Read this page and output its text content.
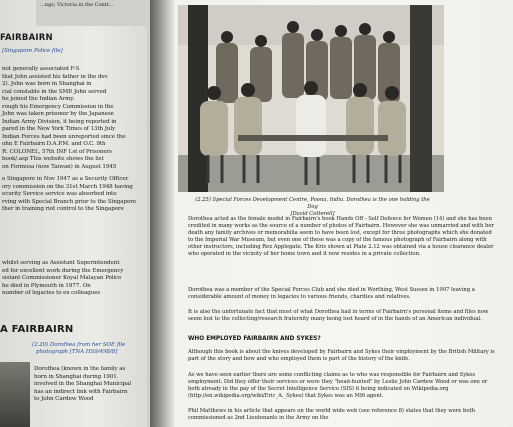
...ngs; Victoria in the Contr...
FAIRBAIRN
[Singapore Police file]
not generally associated F-S
that John assisted his father in the dev
2). John was born in Shanghai in
cial constable in the SMP. John served
he joined the Indian Army.
rough his Emergency Commission in the
John was taken prisoner by the Japanese
Indian Army Division, it being reported in
pared in the New York Times of 13th July
Indian Forces had been unreported since the
ohn E Fairbairn D.A.P.M. and O.C. 9th
R. COLONEL, 57th INF I.st of Prisoners
book/.asp This website shows the list
on Formosa (now Taiwan) in August 1945
o Singapore in Nov 1947 as a Security Officer
ory commission on the 31st March 1948 having
ecurity Service service was absorbed into
rving with Special Branch prior to the Singapore
ther in training riot control to the Singapore
whilst serving as Assistant Superintendent
ed for excellent work during the Emergency
sistant Commissioner Koyal Malayan Police
he died in Plymouth in 1977. On
number of legacies to ex colleagues
A FAIRBAIRN
(2.20) Dorothea from her SOE file
photograph [TNA HS9/498/8]
Dorothea (known in the family as
born in Shanghai during 1901.
involved in the Shanghai Municipal
has an indirect link with Fairbairn
to John Cardew Wood
(2.25) Special Forces Development Centre, Poona, India. Dorothea is the one holding the Dog
[David Cotterell]
Dorothea acted as the female model in Fairbairn's book Hands Off - Self Defence for Women (14) and she has been credited in many works as the source of a number of photos of Fairbairn. However she was unmarried and with her death any family archives or memorabilia seem to have been lost, except for three photographs which she donated to the Imperial War Museum, but even one of these was a copy of the famous photograph of Fairbairn along with other instructors, including Rex Applegate. The Kris shown at Plate 2.12 was obtained via a house clearance dealer who operated in the vicinity of her home town and it now resides in a private collection.
Dorothea was a member of the Special Forces Club and she died in Worthing, West Sussex in 1997 leaving a considerable amount of money in legacies to various friends, charities and relatives.
It is also the unfortunate fact that most of what Dorothea had in terms of Fairbairn's personal items and files now seem lost to the collecting/research fraternity many being lost heard of in the hands of an American individual.
WHO EMPLOYED FAIRBAIRN AND SYKES?
Although this book is about the knives developed by Fairbairn and Sykes their employment by the British Military is part of the story and how and who employed them is part of the history of the knife.
As we have seen earlier there are some conflicting claims as to who was responsible for Fairbairn and Sykes employment. Did they offer their services or were they "head-hunted" by Leslie John Cardew Wood or was one or both already in the pay of the Secret Intelligence Service (SIS) it being indicated on Wikipedia.org (http://en.wikipedia.org/wiki/Eric_A._Sykes) that Sykes was an MI6 agent.
Phil Matthews in his article that appears on the world wide web (see reference 8) states that they were both commissioned as 2nd Lieutenants in the Army on the
